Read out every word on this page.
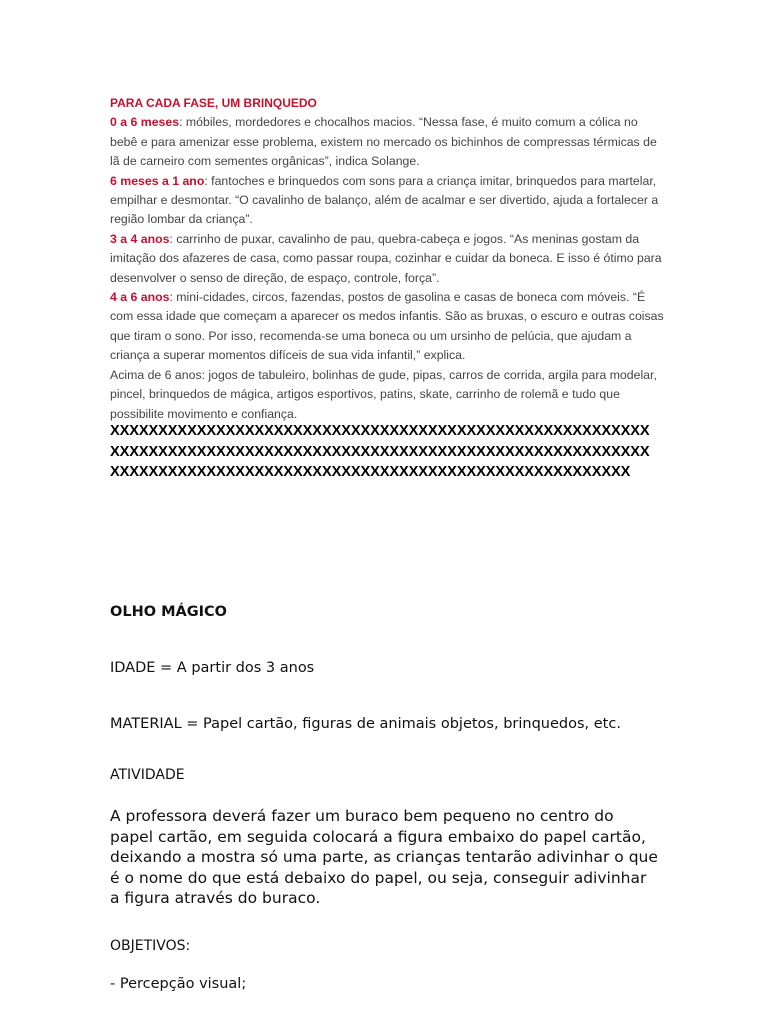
PARA CADA FASE, UM BRINQUEDO

0 a 6 meses: móbiles, mordedores e chocalhos macios. “Nessa fase, é muito comum a cólica no bebê e para amenizar esse problema, existem no mercado os bichinhos de compressas térmicas de lã de carneiro com sementes orgânicas”, indica Solange.

6 meses a 1 ano: fantoches e brinquedos com sons para a criança imitar, brinquedos para martelar, empilhar e desmontar. “O cavalinho de balanço, além de acalmar e ser divertido, ajuda a fortalecer a região lombar da criança”.

3 a 4 anos: carrinho de puxar, cavalinho de pau, quebra-cabeça e jogos. “As meninas gostam da imitação dos afazeres de casa, como passar roupa, cozinhar e cuidar da boneca. E isso é ótimo para desenvolver o senso de direção, de espaço, controle, força”.

4 a 6 anos: mini-cidades, circos, fazendas, postos de gasolina e casas de boneca com móveis. “É com essa idade que começam a aparecer os medos infantis. São as bruxas, o escuro e outras coisas que tiram o sono. Por isso, recomenda-se uma boneca ou um ursinho de pelúcia, que ajudam a criança a superar momentos difíceis de sua vida infantil,” explica.

Acima de 6 anos: jogos de tabuleiro, bolinhas de gude, pipas, carros de corrida, argila para modelar, pincel, brinquedos de mágica, artigos esportivos, patins, skate, carrinho de rolemã e tudo que possibilite movimento e confiança.

XXXXXXXXXXXXXXXXXXXXXXXXXXXXXXXXXXXXXXXXXXXXXXXXXXXXXXXXXXXXXXXXXXXXXXXXXXXXXXXXXXXXXXXXXXXXXXXXXXXXXXXXXXXXXXXXXXXXXXXXXXXXXXXXXXXXXXXXXXXXXXXXXXXXXXXXXXXXXXXXXXXXXX
OLHO MÁGICO
IDADE = A partir dos 3 anos
MATERIAL = Papel cartão, figuras de animais objetos, brinquedos, etc.
ATIVIDADE
A professora deverá fazer um buraco bem pequeno no centro do papel cartão, em seguida colocará a figura embaixo do papel cartão, deixando a mostra só uma parte, as crianças tentarão adivinhar o que é o nome do que está debaixo do papel, ou seja, conseguir adivinhar a figura através do buraco.
OBJETIVOS:
- Percepção visual;
